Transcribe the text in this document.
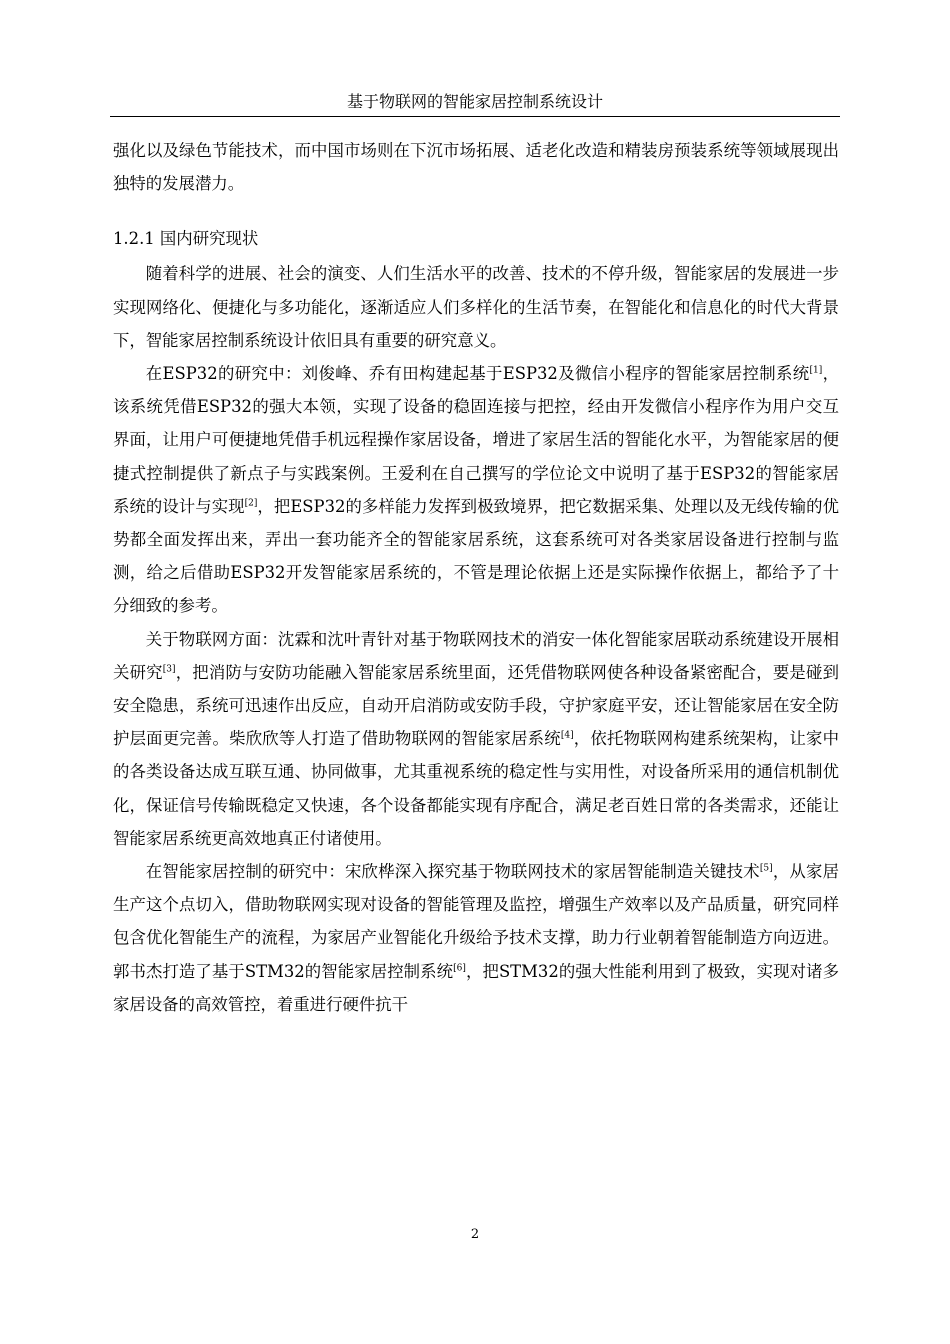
基于物联网的智能家居控制系统设计

强化以及绿色节能技术，而中国市场则在下沉市场拓展、适老化改造和精装房预装系统等领域展现出独特的发展潜力。

1.2.1 国内研究现状

随着科学的进展、社会的演变、人们生活水平的改善、技术的不停升级，智能家居的发展进一步实现网络化、便捷化与多功能化，逐渐适应人们多样化的生活节奏，在智能化和信息化的时代大背景下，智能家居控制系统设计依旧具有重要的研究意义。

在ESP32的研究中：刘俊峰、乔有田构建起基于ESP32及微信小程序的智能家居控制系统[1]，该系统凭借ESP32的强大本领，实现了设备的稳固连接与把控，经由开发微信小程序作为用户交互界面，让用户可便捷地凭借手机远程操作家居设备，增进了家居生活的智能化水平，为智能家居的便捷式控制提供了新点子与实践案例。王爱利在自己撰写的学位论文中说明了基于ESP32的智能家居系统的设计与实现[2]，把ESP32的多样能力发挥到极致境界，把它数据采集、处理以及无线传输的优势都全面发挥出来，弄出一套功能齐全的智能家居系统，这套系统可对各类家居设备进行控制与监测，给之后借助ESP32开发智能家居系统的，不管是理论依据上还是实际操作依据上，都给予了十分细致的参考。

关于物联网方面：沈霖和沈叶青针对基于物联网技术的消安一体化智能家居联动系统建设开展相关研究[3]，把消防与安防功能融入智能家居系统里面，还凭借物联网使各种设备紧密配合，要是碰到安全隐患，系统可迅速作出反应，自动开启消防或安防手段，守护家庭平安，还让智能家居在安全防护层面更完善。柴欣欣等人打造了借助物联网的智能家居系统[4]，依托物联网构建系统架构，让家中的各类设备达成互联互通、协同做事，尤其重视系统的稳定性与实用性，对设备所采用的通信机制优化，保证信号传输既稳定又快速，各个设备都能实现有序配合，满足老百姓日常的各类需求，还能让智能家居系统更高效地真正付诸使用。

在智能家居控制的研究中：宋欣桦深入探究基于物联网技术的家居智能制造关键技术[5]，从家居生产这个点切入，借助物联网实现对设备的智能管理及监控，增强生产效率以及产品质量，研究同样包含优化智能生产的流程，为家居产业智能化升级给予技术支撑，助力行业朝着智能制造方向迈进。郭书杰打造了基于STM32的智能家居控制系统[6]，把STM32的强大性能利用到了极致，实现对诸多家居设备的高效管控，着重进行硬件抗干

2
